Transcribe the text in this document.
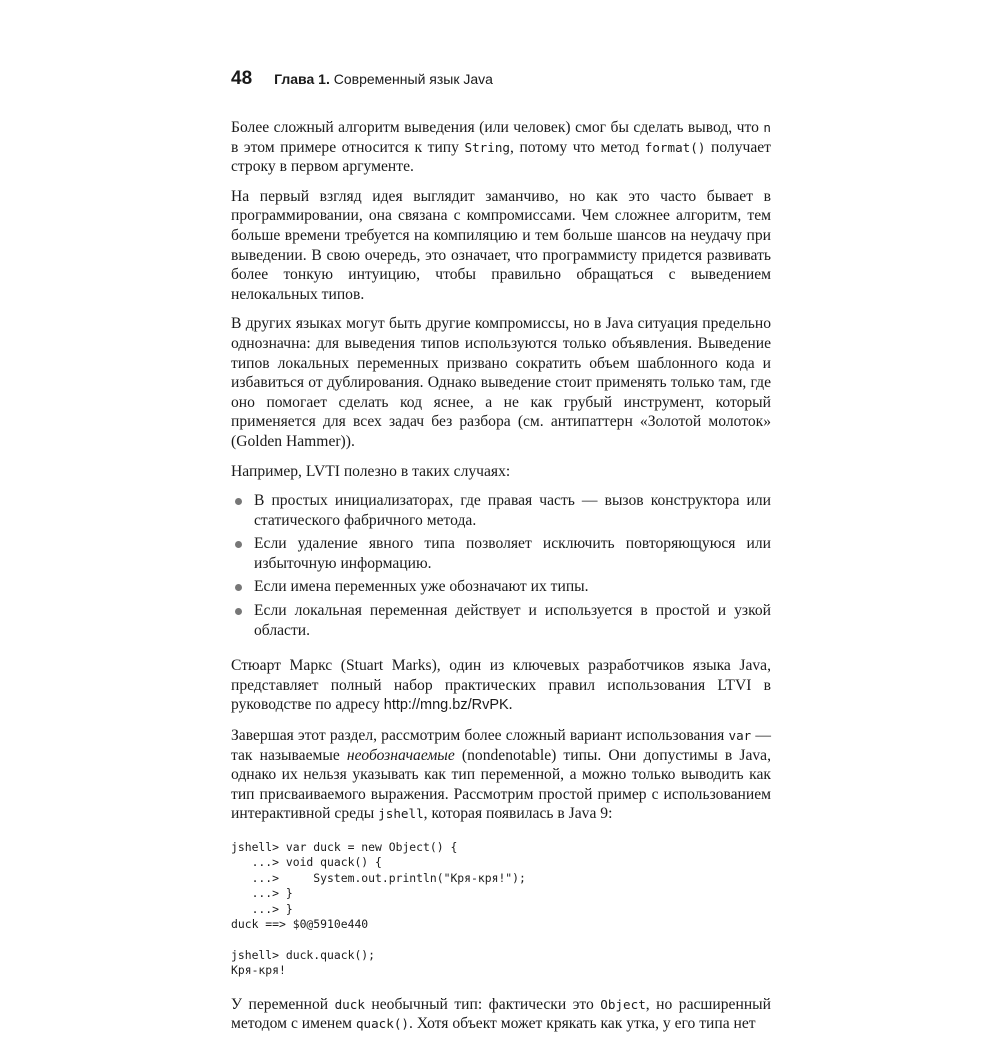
48 Глава 1. Современный язык Java

Более сложный алгоритм выведения (или человек) смог бы сделать вывод, что n в этом примере относится к типу String, потому что метод format() получает строку в первом аргументе.

На первый взгляд идея выглядит заманчиво, но как это часто бывает в программировании, она связана с компромиссами. Чем сложнее алгоритм, тем больше времени требуется на компиляцию и тем больше шансов на неудачу при выведении. В свою очередь, это означает, что программисту придется развивать более тонкую интуицию, чтобы правильно обращаться с выведением нелокальных типов.

В других языках могут быть другие компромиссы, но в Java ситуация предельно однозначна: для выведения типов используются только объявления. Выведение типов локальных переменных призвано сократить объем шаблонного кода и избавиться от дублирования. Однако выведение стоит применять только там, где оно помогает сделать код яснее, а не как грубый инструмент, который применяется для всех задач без разбора (см. антипаттерн «Золотой молоток» (Golden Hammer)).

Например, LVTI полезно в таких случаях:

В простых инициализаторах, где правая часть — вызов конструктора или статического фабричного метода.
Если удаление явного типа позволяет исключить повторяющуюся или избыточную информацию.
Если имена переменных уже обозначают их типы.
Если локальная переменная действует и используется в простой и узкой области.

Стюарт Маркс (Stuart Marks), один из ключевых разработчиков языка Java, представляет полный набор практических правил использования LTVI в руководстве по адресу http://mng.bz/RvPK.

Завершая этот раздел, рассмотрим более сложный вариант использования var — так называемые необозначаемые (nondenotable) типы. Они допустимы в Java, однако их нельзя указывать как тип переменной, а можно только выводить как тип присваиваемого выражения. Рассмотрим простой пример с использованием интерактивной среды jshell, которая появилась в Java 9:

jshell> var duck = new Object() {
...> void quack() {
...>     System.out.println("Кря-кря!");
...> }
...> }
duck ==> $0@5910e440

jshell> duck.quack();
Кря-кря!

У переменной duck необычный тип: фактически это Object, но расширенный методом с именем quack(). Хотя объект может крякать как утка, у его типа нет
